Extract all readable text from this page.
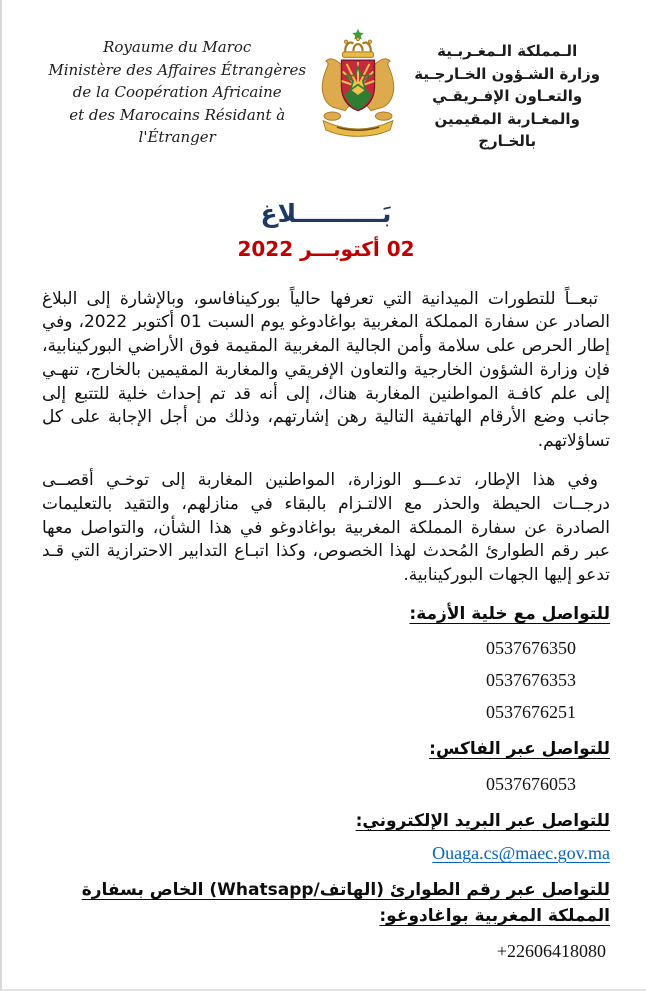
Royaume du Maroc
Ministère des Affaires Étrangères
de la Coopération Africaine
et des Marocains Résidant à l'Étranger
الـمملكة الـمغـربـية
وزارة الشـؤون الخـارجـية
والتعـاون الإفـريقـي
والمغـاربة المقيمين بالخـارج
بَــــــــــلاغ
02 أكتوبـــر 2022

تبعــاً للتطورات الميدانية التي تعرفها حالياً بوركينافاسو، وبالإشارة إلى البلاغ الصادر عن سفارة المملكة المغربية بواغادوغو يوم السبت 01 أكتوبر 2022، وفي إطار الحرص على سلامة وأمن الجالية المغربية المقيمة فوق الأراضي البوركينابية، فإن وزارة الشؤون الخارجية والتعاون الإفريقي والمغاربة المقيمين بالخارج، تنهـي إلى علم كافـة المواطنين المغاربة هناك، إلى أنه قد تم إحداث خلية للتتبع إلى جانب وضع الأرقام الهاتفية التالية رهن إشارتهم، وذلك من أجل الإجابة على كل تساؤلاتهم.

وفي هذا الإطار، تدعـــو الوزارة، المواطنين المغاربة إلى توخـي أقصــى درجــات الحيطة والحذر مع الالتـزام بالبقاء في منازلهم، والتقيد بالتعليمات الصادرة عن سفارة المملكة المغربية بواغادوغو في هذا الشأن، والتواصل معها عبر رقم الطوارئ المُحدث لهذا الخصوص، وكذا اتبـاع التدابير الاحترازية التي قـد تدعو إليها الجهات البوركينابية.

للتواصل مع خلية الأزمة:
0537676350
0537676353
0537676251
للتواصل عبر الفاكس:
0537676053
للتواصل عبر البريد الإلكتروني:
Ouaga.cs@maec.gov.ma
للتواصل عبر رقم الطوارئ (الهاتف/Whatsapp) الخاص بسفارة المملكة المغربية بواغادوغو:
+22606418080
